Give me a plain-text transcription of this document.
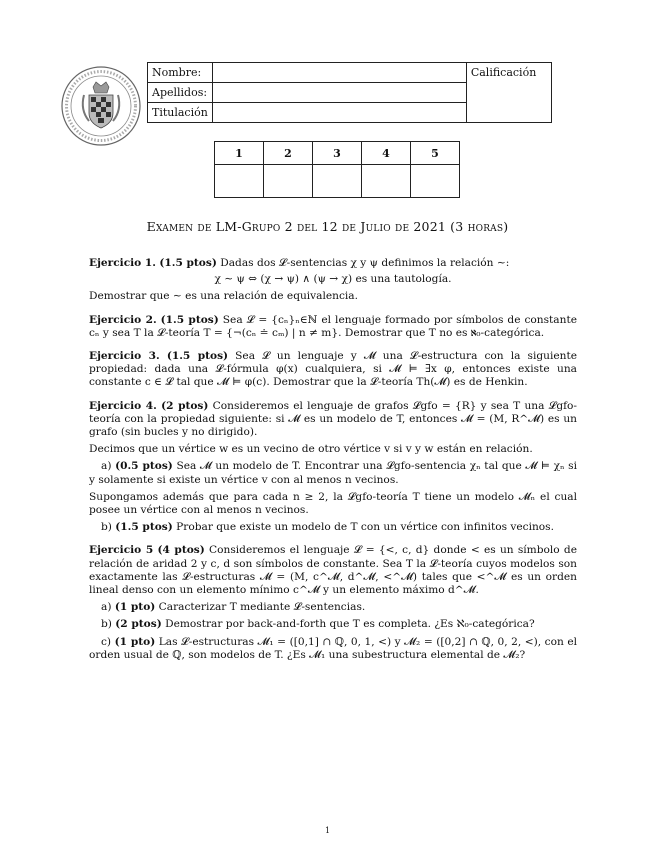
Nombre:		Calificación
Apellidos:		
Titulación		
1	2	3	4	5

Examen de LM-Grupo 2 del 12 de Julio de 2021 (3 horas)

Ejercicio 1. (1.5 ptos) Dadas dos 𝓛-sentencias χ y ψ definimos la relación ∼:

χ ∼ ψ ⇔ (χ → ψ) ∧ (ψ → χ) es una tautología.

Demostrar que ∼ es una relación de equivalencia.

Ejercicio 2. (1.5 ptos) Sea 𝓛 = {cₙ}ₙ∈ℕ el lenguaje formado por símbolos de constante cₙ y sea T la 𝓛-teoría T = {¬(cₙ ≐ cₘ) | n ≠ m}. Demostrar que T no es ℵ₀-categórica.

Ejercicio 3. (1.5 ptos) Sea 𝓛 un lenguaje y 𝓜 una 𝓛-estructura con la siguiente propiedad: dada una 𝓛-fórmula φ(x) cualquiera, si 𝓜 ⊨ ∃x φ, entonces existe una constante c ∈ 𝓛 tal que 𝓜 ⊨ φ(c). Demostrar que la 𝓛-teoría Th(𝓜) es de Henkin.

Ejercicio 4. (2 ptos) Consideremos el lenguaje de grafos 𝓛gfo = {R} y sea T una 𝓛gfo-teoría con la propiedad siguiente: si 𝓜 es un modelo de T, entonces 𝓜 = (M, R^𝓜) es un grafo (sin bucles y no dirigido).

Decimos que un vértice w es un vecino de otro vértice v si v y w están en relación.

a) (0.5 ptos) Sea 𝓜 un modelo de T. Encontrar una 𝓛gfo-sentencia χₙ tal que 𝓜 ⊨ χₙ si y solamente si existe un vértice v con al menos n vecinos.

Supongamos además que para cada n ≥ 2, la 𝓛gfo-teoría T tiene un modelo 𝓜ₙ el cual posee un vértice con al menos n vecinos.

b) (1.5 ptos) Probar que existe un modelo de T con un vértice con infinitos vecinos.

Ejercicio 5 (4 ptos) Consideremos el lenguaje 𝓛 = {<, c, d} donde < es un símbolo de relación de aridad 2 y c, d son símbolos de constante. Sea T la 𝓛-teoría cuyos modelos son exactamente las 𝓛-estructuras 𝓜 = (M, c^𝓜, d^𝓜, <^𝓜) tales que <^𝓜 es un orden lineal denso con un elemento mínimo c^𝓜 y un elemento máximo d^𝓜.

a) (1 pto) Caracterizar T mediante 𝓛-sentencias.

b) (2 ptos) Demostrar por back-and-forth que T es completa. ¿Es ℵ₀-categórica?

c) (1 pto) Las 𝓛-estructuras 𝓜₁ = ([0,1] ∩ ℚ, 0, 1, <) y 𝓜₂ = ([0,2] ∩ ℚ, 0, 2, <), con el orden usual de ℚ, son modelos de T. ¿Es 𝓜₁ una subestructura elemental de 𝓜₂?

1
